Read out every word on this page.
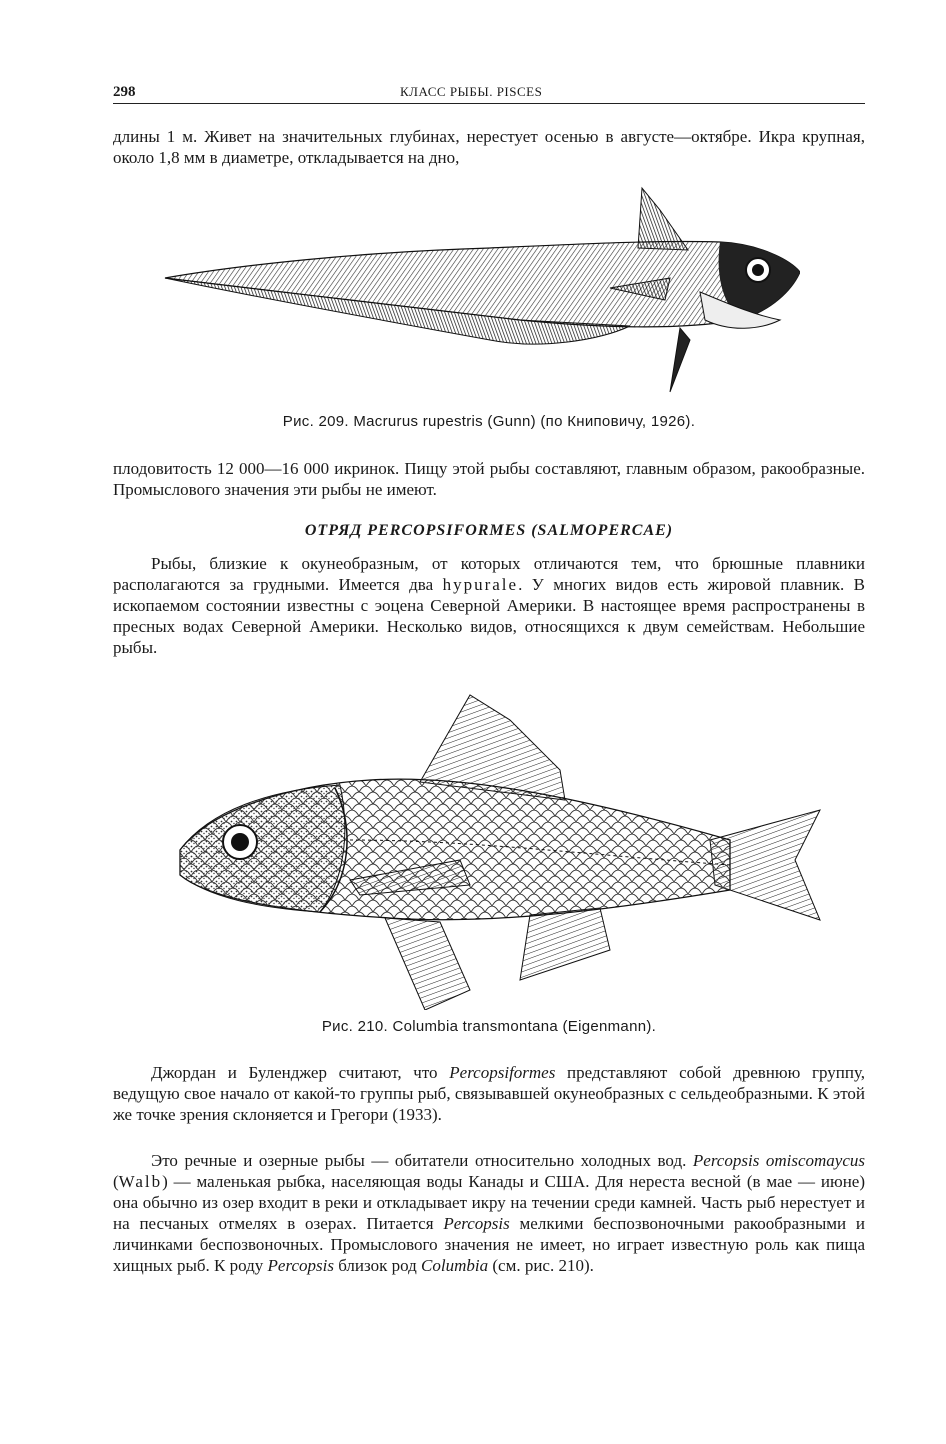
298	КЛАСС РЫБЫ. PISCES
длины 1 м. Живет на значительных глубинах, нерестует осенью в августе—октябре. Икра крупная, около 1,8 мм в диаметре, откладывается на дно,
Рис. 209. Macrurus rupestris (Gunn) (по Книповичу, 1926).
плодовитость 12 000—16 000 икринок. Пищу этой рыбы составляют, главным образом, ракообразные. Промыслового значения эти рыбы не имеют.
ОТРЯД PERCOPSIFORMES (SALMOPERCAE)
Рыбы, близкие к окунеобразным, от которых отличаются тем, что брюшные плавники располагаются за грудными. Имеется два hypurale. У многих видов есть жировой плавник. В ископаемом состоянии известны с эоцена Северной Америки. В настоящее время распространены в пресных водах Северной Америки. Несколько видов, относящихся к двум семействам. Небольшие рыбы.
Рис. 210. Columbia transmontana (Eigenmann).
Джордан и Буленджер считают, что Percopsiformes представляют собой древнюю группу, ведущую свое начало от какой-то группы рыб, связывавшей окунеобразных с сельдеобразными. К этой же точке зрения склоняется и Грегори (1933).
Это речные и озерные рыбы — обитатели относительно холодных вод. Percopsis omiscomaycus (Walb) — маленькая рыбка, населяющая воды Канады и США. Для нереста весной (в мае — июне) она обычно из озер входит в реки и откладывает икру на течении среди камней. Часть рыб нерестует и на песчаных отмелях в озерах. Питается Percopsis мелкими беспозвоночными ракообразными и личинками беспозвоночных. Промыслового значения не имеет, но играет известную роль как пища хищных рыб. К роду Percopsis близок род Columbia (см. рис. 210).
